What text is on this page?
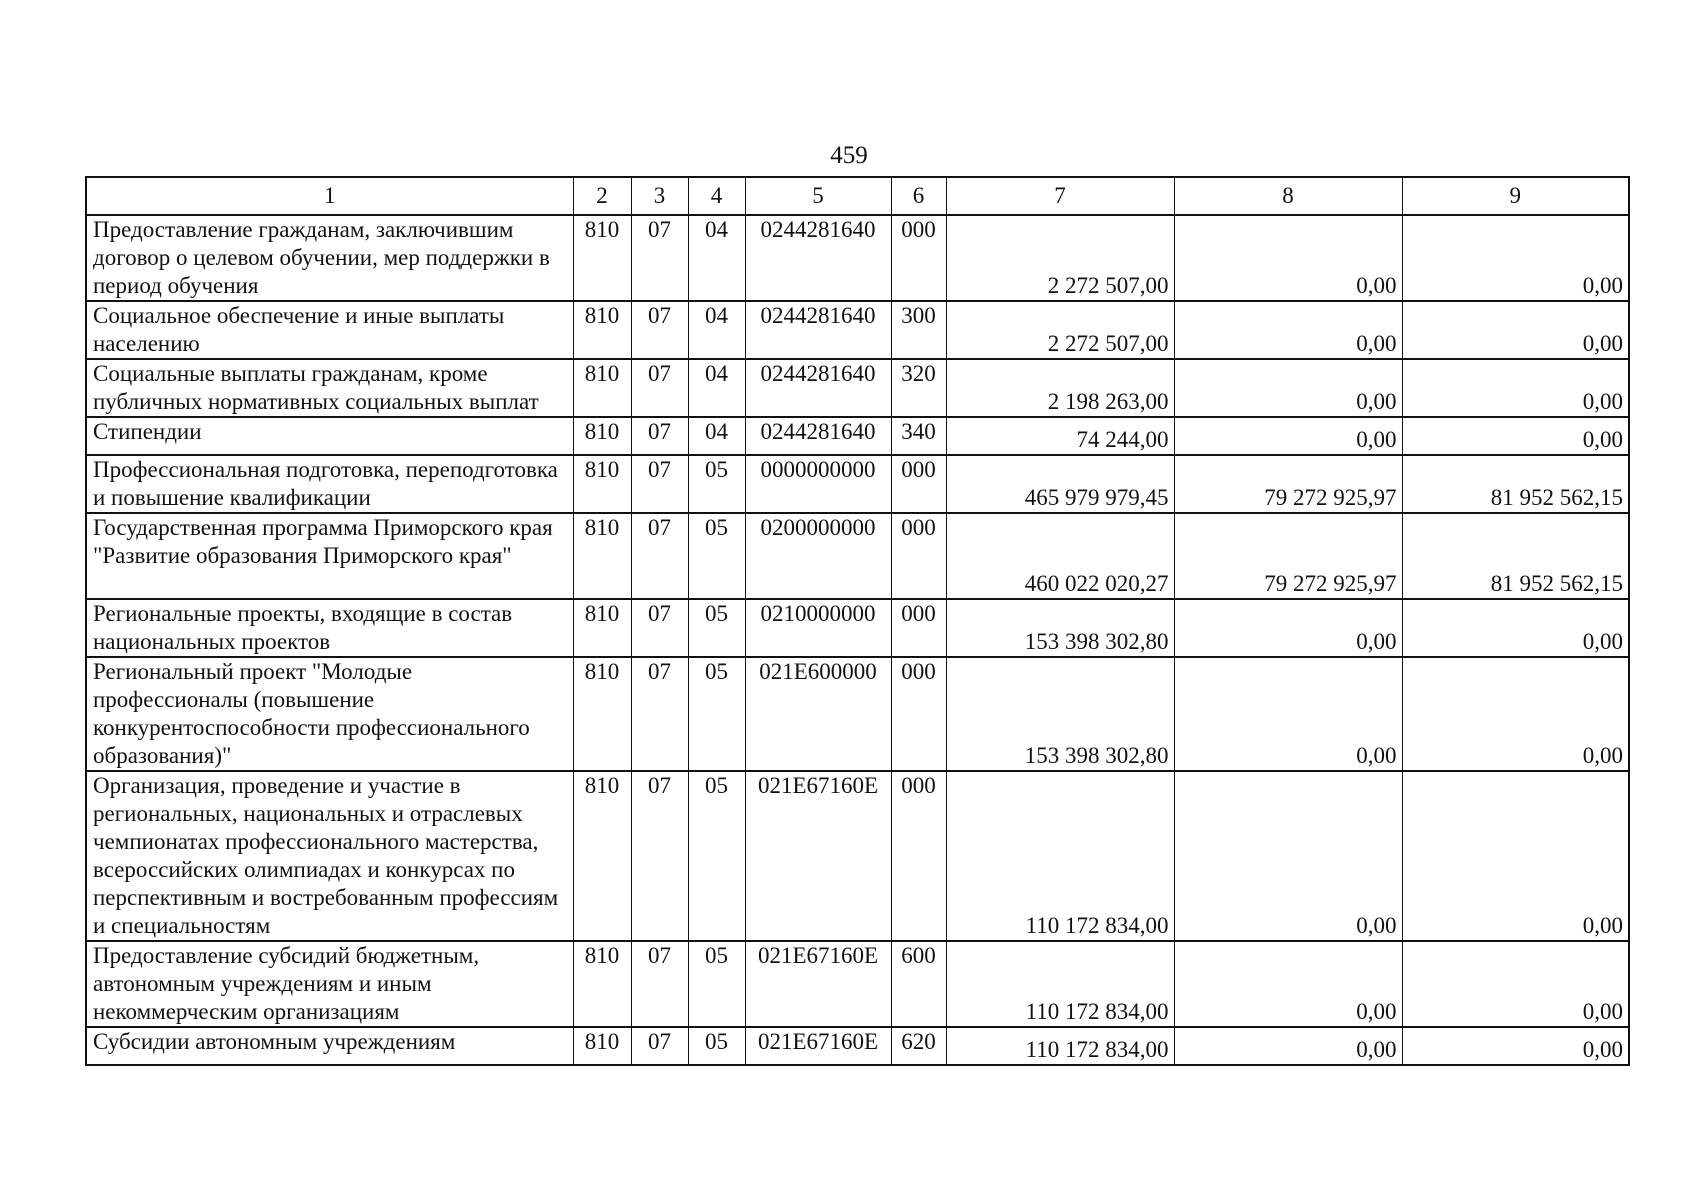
459
1	2	3	4	5	6	7	8	9
Предоставление гражданам, заключившим договор о целевом обучении, мер поддержки в период обучения	810	07	04	0244281640	000	2 272 507,00	0,00	0,00
Социальное обеспечение и иные выплаты населению	810	07	04	0244281640	300	2 272 507,00	0,00	0,00
Социальные выплаты гражданам, кроме публичных нормативных социальных выплат	810	07	04	0244281640	320	2 198 263,00	0,00	0,00
Стипендии	810	07	04	0244281640	340	74 244,00	0,00	0,00
Профессиональная подготовка, переподготовка и повышение квалификации	810	07	05	0000000000	000	465 979 979,45	79 272 925,97	81 952 562,15
Государственная программа Приморского края "Развитие образования Приморского края"	810	07	05	0200000000	000	460 022 020,27	79 272 925,97	81 952 562,15
Региональные проекты, входящие в состав национальных проектов	810	07	05	0210000000	000	153 398 302,80	0,00	0,00
Региональный проект "Молодые профессионалы (повышение конкурентоспособности профессионального образования)"	810	07	05	021E600000	000	153 398 302,80	0,00	0,00
Организация, проведение и участие в региональных, национальных и отраслевых чемпионатах профессионального мастерства, всероссийских олимпиадах и конкурсах по перспективным и востребованным профессиям и специальностям	810	07	05	021E67160E	000	110 172 834,00	0,00	0,00
Предоставление субсидий бюджетным, автономным учреждениям и иным некоммерческим организациям	810	07	05	021E67160E	600	110 172 834,00	0,00	0,00
Субсидии автономным учреждениям	810	07	05	021E67160E	620	110 172 834,00	0,00	0,00
